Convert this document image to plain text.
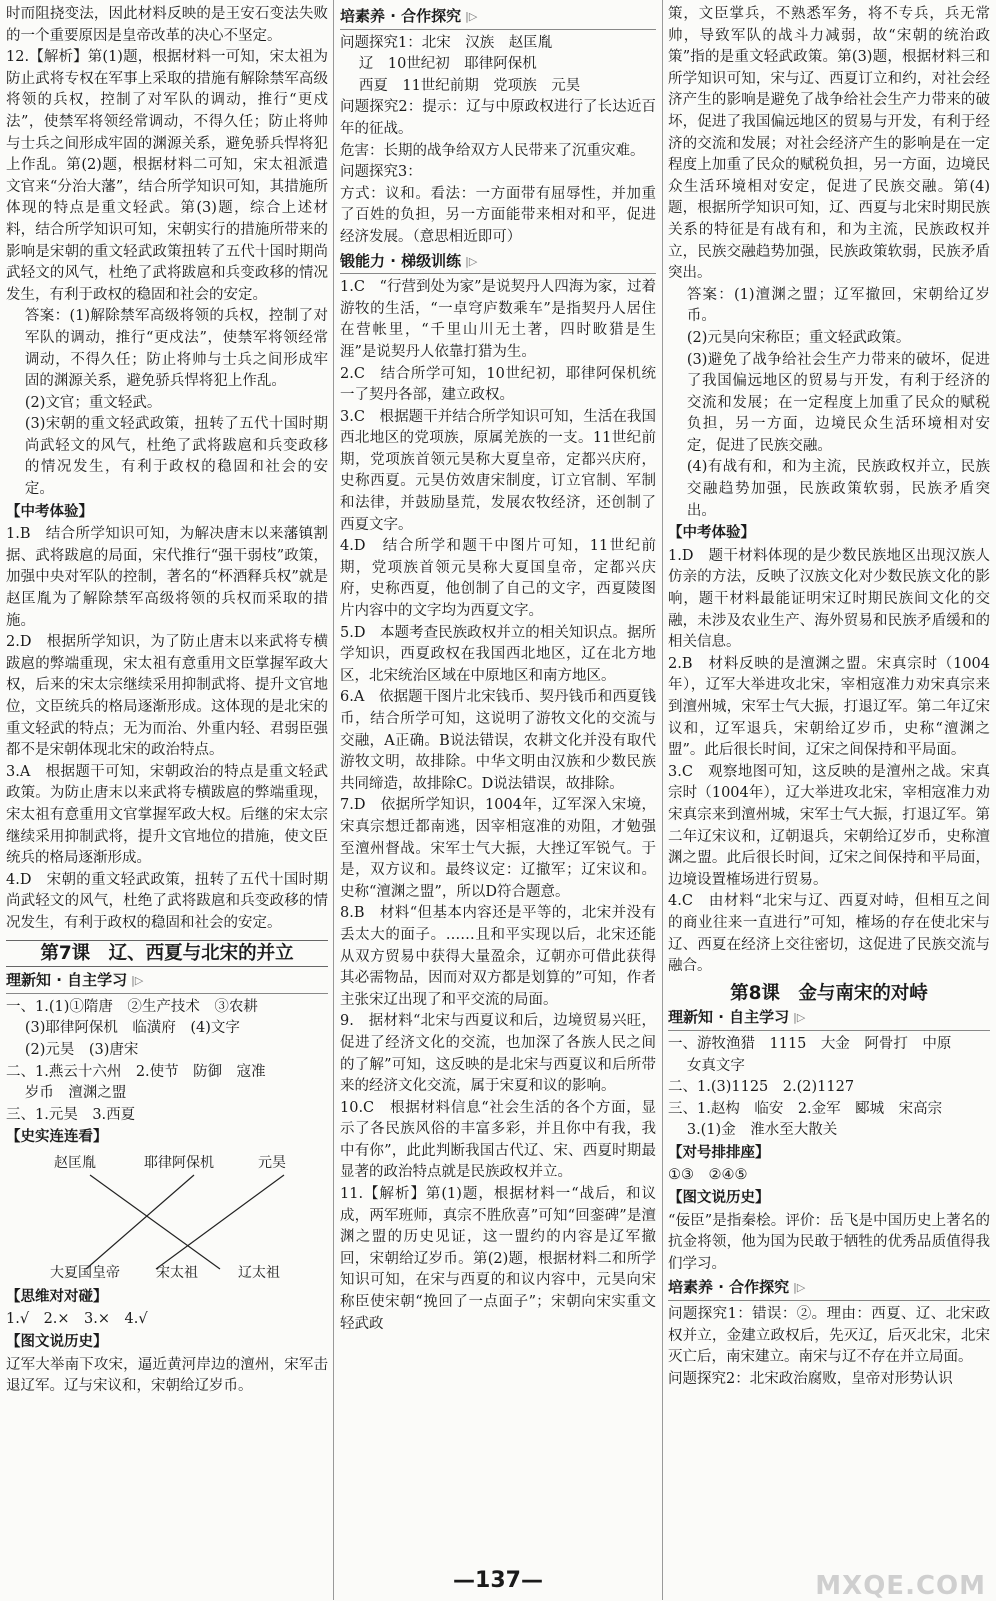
时而阻挠变法，因此材料反映的是王安石变法失败的一个重要原因是皇帝改革的决心不坚定。

12.【解析】第(1)题，根据材料一可知，宋太祖为防止武将专权在军事上采取的措施有解除禁军高级将领的兵权，控制了对军队的调动，推行“更戍法”，使禁军将领经常调动，不得久任；防止将帅与士兵之间形成牢固的渊源关系，避免骄兵悍将犯上作乱。第(2)题，根据材料二可知，宋太祖派遣文官来“分治大藩”，结合所学知识可知，其措施所体现的特点是重文轻武。第(3)题，综合上述材料，结合所学知识可知，宋朝实行的措施所带来的影响是宋朝的重文轻武政策扭转了五代十国时期尚武轻文的风气，杜绝了武将跋扈和兵变政移的情况发生，有利于政权的稳固和社会的安定。

答案：(1)解除禁军高级将领的兵权，控制了对军队的调动，推行“更戍法”，使禁军将领经常调动，不得久任；防止将帅与士兵之间形成牢固的渊源关系，避免骄兵悍将犯上作乱。

(2)文官；重文轻武。

(3)宋朝的重文轻武政策，扭转了五代十国时期尚武轻文的风气，杜绝了武将跋扈和兵变政移的情况发生，有利于政权的稳固和社会的安定。

【中考体验】

1.B　结合所学知识可知，为解决唐末以来藩镇割据、武将跋扈的局面，宋代推行“强干弱枝”政策，加强中央对军队的控制，著名的“杯酒释兵权”就是赵匡胤为了解除禁军高级将领的兵权而采取的措施。

2.D　根据所学知识，为了防止唐末以来武将专横跋扈的弊端重现，宋太祖有意重用文臣掌握军政大权，后来的宋太宗继续采用抑制武将、提升文官地位，文臣统兵的格局逐渐形成。这体现的是北宋的重文轻武的特点；无为而治、外重内轻、君弱臣强都不是宋朝体现北宋的政治特点。

3.A　根据题干可知，宋朝政治的特点是重文轻武政策。为防止唐末以来武将专横跋扈的弊端重现，宋太祖有意重用文官掌握军政大权。后继的宋太宗继续采用抑制武将，提升文官地位的措施，使文臣统兵的格局逐渐形成。

4.D　宋朝的重文轻武政策，扭转了五代十国时期尚武轻文的风气，杜绝了武将跋扈和兵变政移的情况发生，有利于政权的稳固和社会的安定。

第7课　辽、西夏与北宋的并立
理新知 · 自主学习 |▷

一、1.(1)①隋唐　②生产技术　③农耕

(3)耶律阿保机　临潢府　(4)文字

(2)元昊　(3)唐宋

二、1.燕云十六州　2.使节　防御　寇准

岁币　澶渊之盟

三、1.元昊　3.西夏

【史实连连看】
赵匡胤	耶律阿保机	元昊
大夏国皇帝	宋太祖	辽太祖
【思维对对碰】

1.√　2.×　3.×　4.√

【图文说历史】

辽军大举南下攻宋，逼近黄河岸边的澶州，宋军击退辽军。辽与宋议和，宋朝给辽岁币。

培素养 · 合作探究 |▷

问题探究1：北宋　汉族　赵匡胤

辽　10世纪初　耶律阿保机

西夏　11世纪前期　党项族　元昊

问题探究2：提示：辽与中原政权进行了长达近百年的征战。

危害：长期的战争给双方人民带来了沉重灾难。

问题探究3：

方式：议和。看法：一方面带有屈辱性，并加重了百姓的负担，另一方面能带来相对和平，促进经济发展。（意思相近即可）

锻能力 · 梯级训练 |▷

1.C　“行营到处为家”是说契丹人四海为家，过着游牧的生活，“一卓穹庐数乘车”是指契丹人居住在营帐里，“千里山川无土著，四时畋猎是生涯”是说契丹人依靠打猎为生。

2.C　结合所学可知，10世纪初，耶律阿保机统一了契丹各部，建立政权。

3.C　根据题干并结合所学知识可知，生活在我国西北地区的党项族，原属羌族的一支。11世纪前期，党项族首领元昊称大夏皇帝，定都兴庆府，史称西夏。元昊仿效唐宋制度，订立官制、军制和法律，并鼓励垦荒，发展农牧经济，还创制了西夏文字。

4.D　结合所学和题干中图片可知，11世纪前期，党项族首领元昊称大夏国皇帝，定都兴庆府，史称西夏，他创制了自己的文字，西夏陵图片内容中的文字均为西夏文字。

5.D　本题考查民族政权并立的相关知识点。据所学知识，西夏政权在我国西北地区，辽在北方地区，北宋统治区域在中原地区和南方地区。

6.A　依据题干图片北宋钱币、契丹钱币和西夏钱币，结合所学可知，这说明了游牧文化的交流与交融，A正确。B说法错误，农耕文化并没有取代游牧文明，故排除。中华文明由汉族和少数民族共同缔造，故排除C。D说法错误，故排除。

7.D　依据所学知识，1004年，辽军深入宋境，宋真宗想迁都南逃，因宰相寇准的劝阻，才勉强至澶州督战。宋军士气大振，大挫辽军锐气。于是，双方议和。最终议定：辽撤军；辽宋议和。史称“澶渊之盟”，所以D符合题意。

8.B　材料“但基本内容还是平等的，北宋并没有丢太大的面子。……且和平实现以后，北宋还能从双方贸易中获得大量盈余，辽朝亦可借此获得其必需物品，因而对双方都是划算的”可知，作者主张宋辽出现了和平交流的局面。

9.　据材料“北宋与西夏议和后，边境贸易兴旺，促进了经济文化的交流，也加深了各族人民之间的了解”可知，这反映的是北宋与西夏议和后所带来的经济文化交流，属于宋夏和议的影响。

10.C　根据材料信息“社会生活的各个方面，显示了各民族风俗的丰富多彩，并且你中有我，我中有你”，此此判断我国古代辽、宋、西夏时期最显著的政治特点就是民族政权并立。

11.【解析】第(1)题，根据材料一“战后，和议成，两军班师，真宗不胜欣喜”可知“回銮碑”是澶渊之盟的历史见证，这一盟约的内容是辽军撤回，宋朝给辽岁币。第(2)题，根据材料二和所学知识可知，在宋与西夏的和议内容中，元昊向宋称臣使宋朝“挽回了一点面子”；宋朝向宋实重文轻武政

策，文臣掌兵，不熟悉军务，将不专兵，兵无常帅，导致军队的战斗力减弱，故“宋朝的统治政策”指的是重文轻武政策。第(3)题，根据材料三和所学知识可知，宋与辽、西夏订立和约，对社会经济产生的影响是避免了战争给社会生产力带来的破坏，促进了我国偏远地区的贸易与开发，有利于经济的交流和发展；对社会经济产生的影响是在一定程度上加重了民众的赋税负担，另一方面，边境民众生活环境相对安定，促进了民族交融。第(4)题，根据所学知识可知，辽、西夏与北宋时期民族关系的特征是有战有和，和为主流，民族政权并立，民族交融趋势加强，民族政策软弱，民族矛盾突出。

答案：(1)澶渊之盟；辽军撤回，宋朝给辽岁币。

(2)元昊向宋称臣；重文轻武政策。

(3)避免了战争给社会生产力带来的破坏，促进了我国偏远地区的贸易与开发，有利于经济的交流和发展；在一定程度上加重了民众的赋税负担，另一方面，边境民众生活环境相对安定，促进了民族交融。

(4)有战有和，和为主流，民族政权并立，民族交融趋势加强，民族政策软弱，民族矛盾突出。

【中考体验】

1.D　题干材料体现的是少数民族地区出现汉族人仿亲的方法，反映了汉族文化对少数民族文化的影响，题干材料最能证明宋辽时期民族间文化的交融，未涉及农业生产、海外贸易和民族矛盾缓和的相关信息。

2.B　材料反映的是澶渊之盟。宋真宗时（1004年），辽军大举进攻北宋，宰相寇准力劝宋真宗来到澶州城，宋军士气大振，打退辽军。第二年辽宋议和，辽军退兵，宋朝给辽岁币，史称“澶渊之盟”。此后很长时间，辽宋之间保持和平局面。

3.C　观察地图可知，这反映的是澶州之战。宋真宗时（1004年），辽大举进攻北宋，宰相寇准力劝宋真宗来到澶州城，宋军士气大振，打退辽军。第二年辽宋议和，辽朝退兵，宋朝给辽岁币，史称澶渊之盟。此后很长时间，辽宋之间保持和平局面，边境设置榷场进行贸易。

4.C　由材料“北宋与辽、西夏对峙，但相互之间的商业往来一直进行”可知，榷场的存在使北宋与辽、西夏在经济上交往密切，这促进了民族交流与融合。

第8课　金与南宋的对峙
理新知 · 自主学习 |▷

一、游牧渔猎　1115　大金　阿骨打　中原

女真文字

二、1.(3)1125　2.(2)1127

三、1.赵构　临安　2.金军　郾城　宋高宗

3.(1)金　淮水至大散关

【对号排排座】

①③　②④⑤

【图文说历史】

“佞臣”是指秦桧。评价：岳飞是中国历史上著名的抗金将领，他为国为民敢于牺牲的优秀品质值得我们学习。

培素养 · 合作探究 |▷

问题探究1：错误：②。理由：西夏、辽、北宋政权并立，金建立政权后，先灭辽，后灭北宋，北宋灭亡后，南宋建立。南宋与辽不存在并立局面。

问题探究2：北宋政治腐败，皇帝对形势认识

—137—	MXQE.COM
